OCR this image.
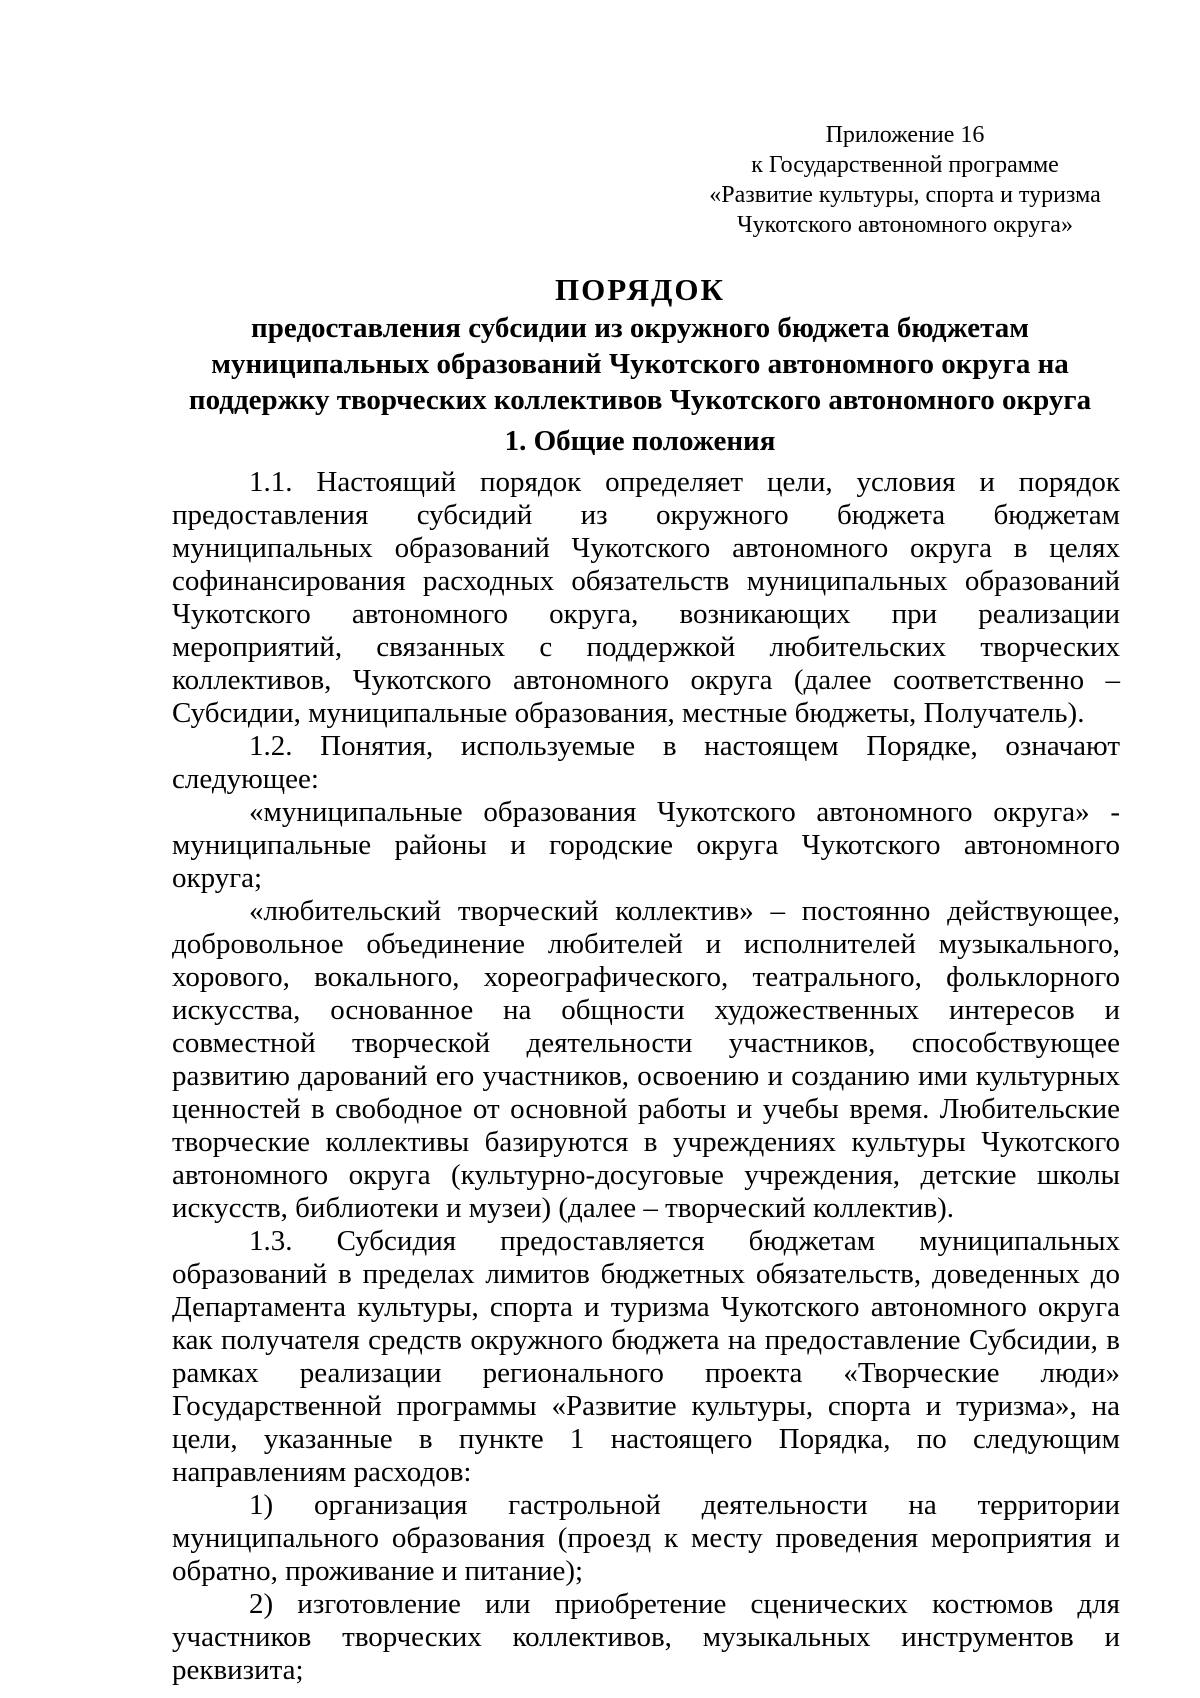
Приложение 16
к Государственной программе
«Развитие культуры, спорта и туризма
Чукотского автономного округа»
ПОРЯДОК

предоставления субсидии из окружного бюджета бюджетам муниципальных образований Чукотского автономного округа на поддержку творческих коллективов Чукотского автономного округа

1. Общие положения

1.1. Настоящий порядок определяет цели, условия и порядок предоставления субсидий из окружного бюджета бюджетам муниципальных образований Чукотского автономного округа в целях софинансирования расходных обязательств муниципальных образований Чукотского автономного округа, возникающих при реализации мероприятий, связанных с поддержкой любительских творческих коллективов, Чукотского автономного округа (далее соответственно – Субсидии, муниципальные образования, местные бюджеты, Получатель).

1.2. Понятия, используемые в настоящем Порядке, означают следующее:

«муниципальные образования Чукотского автономного округа» - муниципальные районы и городские округа Чукотского автономного округа;

«любительский творческий коллектив» – постоянно действующее, добровольное объединение любителей и исполнителей музыкального, хорового, вокального, хореографического, театрального, фольклорного искусства, основанное на общности художественных интересов и совместной творческой деятельности участников, способствующее развитию дарований его участников, освоению и созданию ими культурных ценностей в свободное от основной работы и учебы время. Любительские творческие коллективы базируются в учреждениях культуры Чукотского автономного округа (культурно-досуговые учреждения, детские школы искусств, библиотеки и музеи) (далее – творческий коллектив).

1.3. Субсидия предоставляется бюджетам муниципальных образований в пределах лимитов бюджетных обязательств, доведенных до Департамента культуры, спорта и туризма Чукотского автономного округа как получателя средств окружного бюджета на предоставление Субсидии, в рамках реализации регионального проекта «Творческие люди» Государственной программы «Развитие культуры, спорта и туризма», на цели, указанные в пункте 1 настоящего Порядка, по следующим направлениям расходов:

1) организация гастрольной деятельности на территории муниципального образования (проезд к месту проведения мероприятия и обратно, проживание и питание);

2) изготовление или приобретение сценических костюмов для участников творческих коллективов, музыкальных инструментов и реквизита;
